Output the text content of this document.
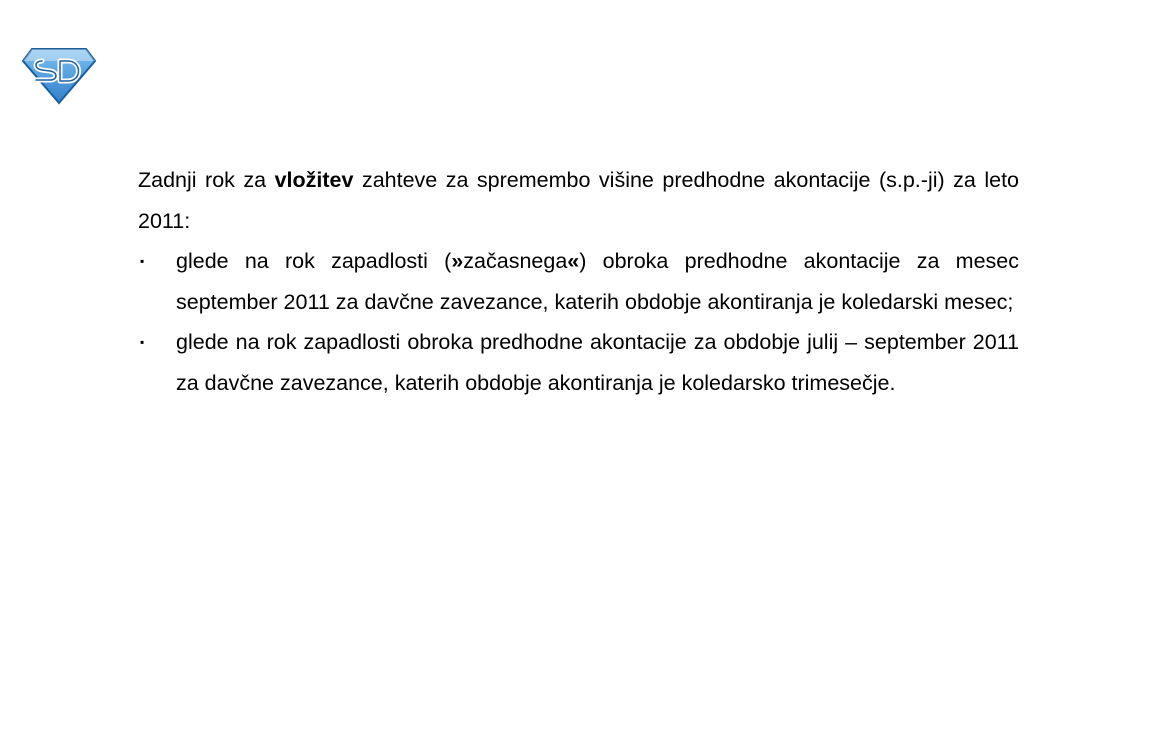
Zadnji rok za vložitev zahteve za spremembo višine predhodne akontacije (s.p.-ji) za leto 2011:

▪ glede na rok zapadlosti (»začasnega«) obroka predhodne akontacije za mesec september 2011 za davčne zavezance, katerih obdobje akontiranja je koledarski mesec;
▪ glede na rok zapadlosti obroka predhodne akontacije za obdobje julij – september 2011 za davčne zavezance, katerih obdobje akontiranja je koledarsko trimesečje.
